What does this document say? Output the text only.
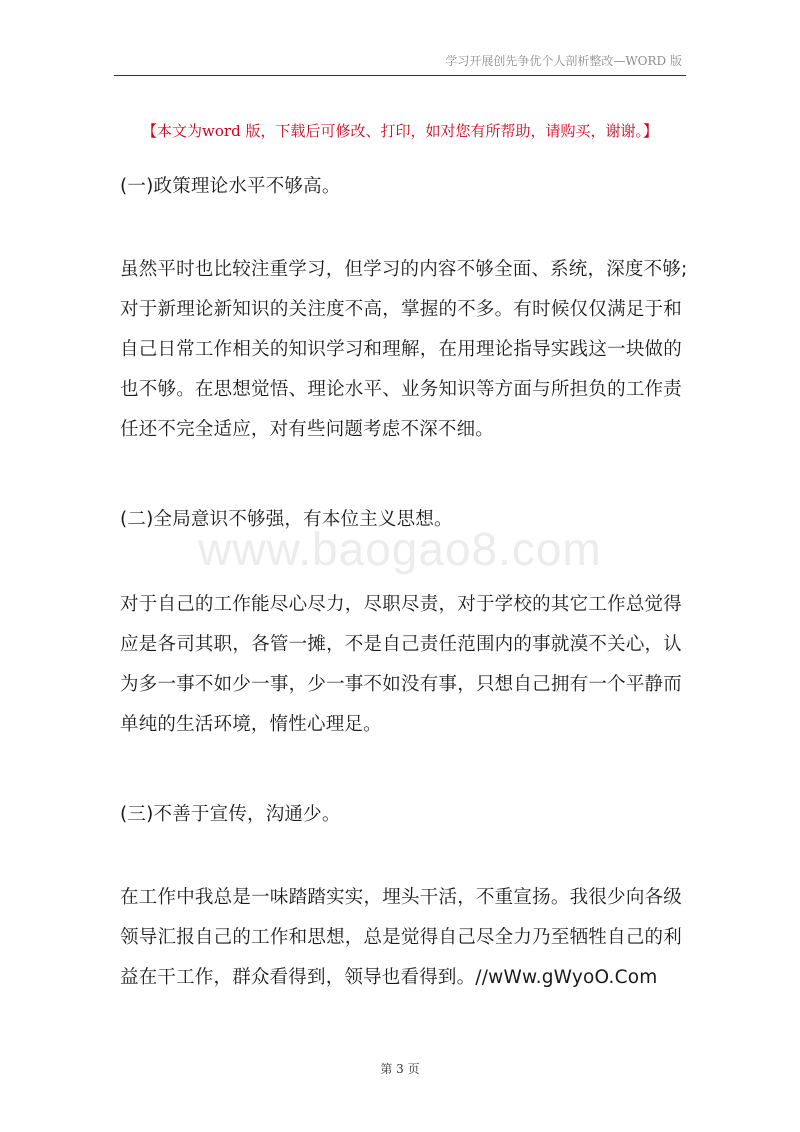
学习开展创先争优个人剖析整改—WORD 版
【本文为word 版，下载后可修改、打印，如对您有所帮助，请购买，谢谢。】
www.baogao8.com
(一)政策理论水平不够高。
虽然平时也比较注重学习，但学习的内容不够全面、系统，深度不够;
对于新理论新知识的关注度不高，掌握的不多。有时候仅仅满足于和
自己日常工作相关的知识学习和理解，在用理论指导实践这一块做的
也不够。在思想觉悟、理论水平、业务知识等方面与所担负的工作责
任还不完全适应，对有些问题考虑不深不细。
(二)全局意识不够强，有本位主义思想。
对于自己的工作能尽心尽力，尽职尽责，对于学校的其它工作总觉得
应是各司其职，各管一摊，不是自己责任范围内的事就漠不关心，认
为多一事不如少一事，少一事不如没有事，只想自己拥有一个平静而
单纯的生活环境，惰性心理足。
(三)不善于宣传，沟通少。
在工作中我总是一味踏踏实实，埋头干活，不重宣扬。我很少向各级
领导汇报自己的工作和思想，总是觉得自己尽全力乃至牺牲自己的利
益在干工作，群众看得到，领导也看得到。//wWw.gWyoO.Com
第 3 页
